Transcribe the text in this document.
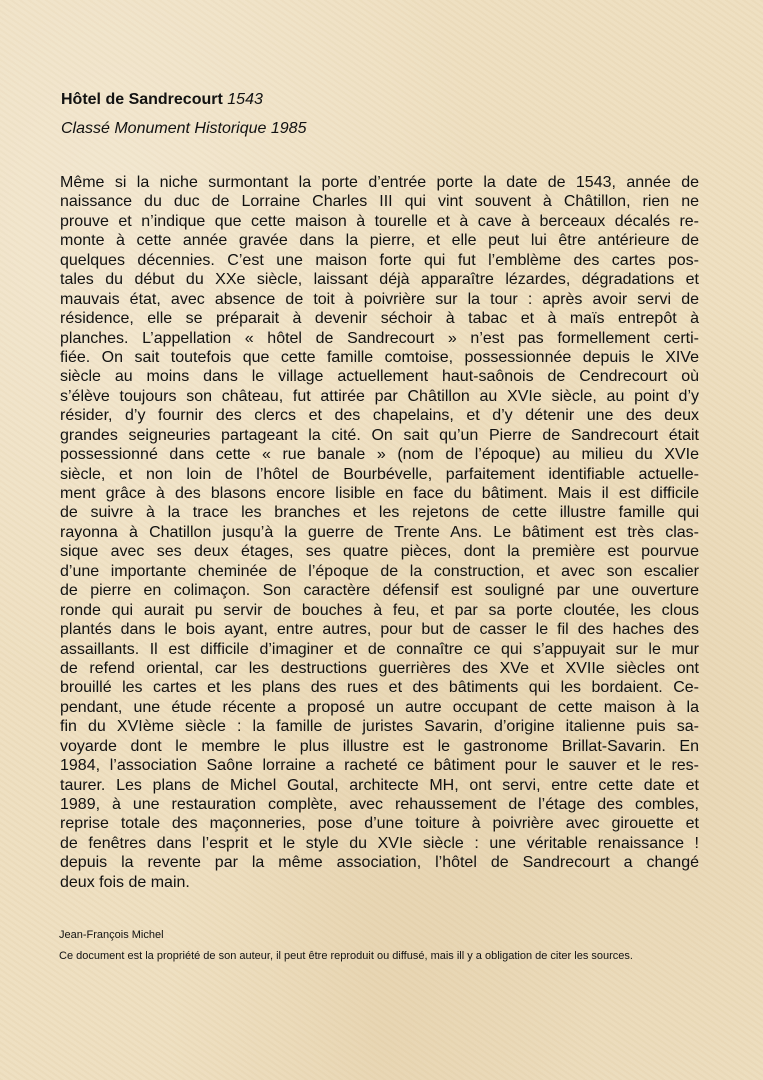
Hôtel de Sandrecourt 1543
Classé Monument Historique 1985
Même si la niche surmontant la porte d’entrée porte la date de 1543, année de
naissance du duc de Lorraine Charles III qui vint souvent à Châtillon, rien ne
prouve et n’indique que cette maison à tourelle et à cave à berceaux décalés re-
monte à cette année gravée dans la pierre, et elle peut lui être antérieure de
quelques décennies. C’est une maison forte qui fut l’emblème des cartes pos-
tales du début du XXe siècle, laissant déjà apparaître lézardes, dégradations et
mauvais état, avec absence de toit à poivrière sur la tour : après avoir servi de
résidence, elle se préparait à devenir séchoir à tabac et à maïs entrepôt à
planches. L’appellation « hôtel de Sandrecourt » n’est pas formellement certi-
fiée. On sait toutefois que cette famille comtoise, possessionnée depuis le XIVe
siècle au moins dans le village actuellement haut-saônois de Cendrecourt où
s’élève toujours son château, fut attirée par Châtillon au XVIe siècle, au point d’y
résider, d’y fournir des clercs et des chapelains, et d’y détenir une des deux
grandes seigneuries partageant la cité. On sait qu’un Pierre de Sandrecourt était
possessionné dans cette « rue banale » (nom de l’époque) au milieu du XVIe
siècle, et non loin de l’hôtel de Bourbévelle, parfaitement identifiable actuelle-
ment grâce à des blasons encore lisible en face du bâtiment. Mais il est difficile
de suivre à la trace les branches et les rejetons de cette illustre famille qui
rayonna à Chatillon jusqu’à la guerre de Trente Ans. Le bâtiment est très clas-
sique avec ses deux étages, ses quatre pièces, dont la première est pourvue
d’une importante cheminée de l’époque de la construction, et avec son escalier
de pierre en colimaçon. Son caractère défensif est souligné par une ouverture
ronde qui aurait pu servir de bouches à feu, et par sa porte cloutée, les clous
plantés dans le bois ayant, entre autres, pour but de casser le fil des haches des
assaillants. Il est difficile d’imaginer et de connaître ce qui s’appuyait sur le mur
de refend oriental, car les destructions guerrières des XVe et XVIIe siècles ont
brouillé les cartes et les plans des rues et des bâtiments qui les bordaient. Ce-
pendant, une étude récente a proposé un autre occupant de cette maison à la
fin du XVIème siècle : la famille de juristes Savarin, d’origine italienne puis sa-
voyarde dont le membre le plus illustre est le gastronome Brillat-Savarin. En
1984, l’association Saône lorraine a racheté ce bâtiment pour le sauver et le res-
taurer. Les plans de Michel Goutal, architecte MH, ont servi, entre cette date et
1989, à une restauration complète, avec rehaussement de l’étage des combles,
reprise totale des maçonneries, pose d’une toiture à poivrière avec girouette et
de fenêtres dans l’esprit et le style du XVIe siècle : une véritable renaissance !
depuis la revente par la même association, l’hôtel de Sandrecourt a changé
deux fois de main.
Jean-François Michel
Ce document est la propriété de son auteur, il peut être reproduit ou diffusé, mais ill y a obligation de citer les sources.
